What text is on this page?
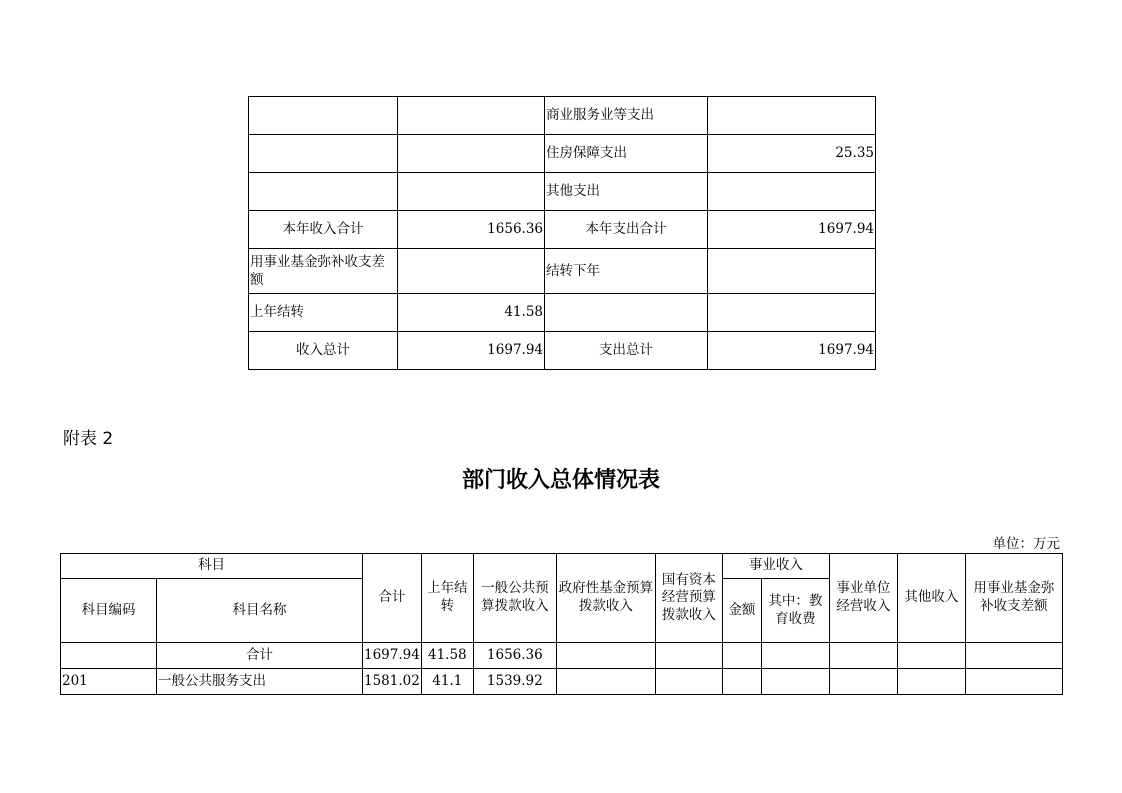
		商业服务业等支出	
		住房保障支出	25.35
		其他支出	
本年收入合计	1656.36	本年支出合计	1697.94
用事业基金弥补收支差额		结转下年	
上年结转	41.58		
收入总计	1697.94	支出总计	1697.94
附表 2
部门收入总体情况表
单位：万元
科目		合计	上年结转	一般公共预算拨款收入	政府性基金预算拨款收入	国有资本经营预算拨款收入	事业收入		事业单位经营收入	其他收入	用事业基金弥补收支差额
科目编码	科目名称						金额	其中：教育收费			
	合计	1697.94	41.58	1656.36							
201	一般公共服务支出	1581.02	41.1	1539.92							
